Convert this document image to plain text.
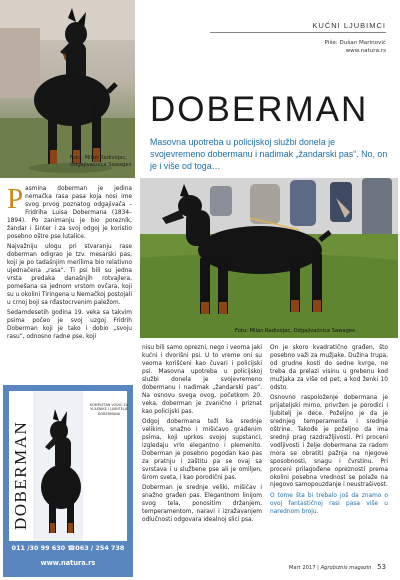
Foto: Milan Radivojac,
Odgajivačnica Sawages
KUĆNI LJUBIMCI
Piše: Dušan Marinović
www.natura.rs
DOBERMAN
Masovna upotreba u policijskoj službi donela je svojevremeno dobermanu i nadimak „žandarski pas“. No, on je i više od toga…
Foto: Milan Radivojac, Odgajivačnica Sawages

Pasmina doberman je jedina nemačka rasa pasa koja nosi ime svog prvog poznatog odgajivača – Fridriha Luisa Dobermana (1834–1894). Po zanimanju je bio porezník, žandar i šinter i za svoj odgoj je koristio posebno oštre pse lutalice.

Najvažniju ulogu pri stvaranju rase doberman odigrao je tzv. mesarski pas, koji je po tadašnjim merilima bio relativno ujednačena „rasa“. Ti psi bili su jedna vrsta predaka današnjih rotvajlera, pomešana sa jednom vrstom ovčara, koji su u okolini Tiringena u Nemačkoj postojali u crnoj boji sa rđastocrvenim paležom.

Sedamdesetih godina 19. veka sa takvim psima počeo je svoj uzgoj Fridrih Doberman koji je tako i dobio „svoju rasu“, odnosno radne pse, koji

nisu bili samo oprezni, nego i veoma jaki kućni i dvorišni psi. U to vreme oni su veoma korišćeni kao čuvari i policijski psi. Masovna upotreba u policijskoj službi donela je svojevremeno dobermanu i nadimak „žandarski pas“. Na osnovu svega ovog, početkom 20. veka, doberman je zvanično i priznat kao policijski pas.

Odgoj dobermana teži ka srednje velikim, snažno i mišićavo građenim psima, koji uprkos svojoj supstanci, izgledaju vrlo elegantno i plemenito. Doberman je posebno pogodan kao pas za pratnju i zaštitu pa se ovaj sa svrstava i u službene pse ali je omiljen, širom sveta, i kao porodični pas.

Doberman je srednje veliki, mišićav i snažno građen pas. Elegantnom linijom svog tela, ponositim držanjem, temperamentom, naravi i izražavanjem odlučnosti odgovara idealnoj slici psa.

On je skoro kvadratično građen, što posebno važi za mužjake. Dužina trupa, od grudne kosti do sedne kvrge, ne treba da prelazi visinu u grebenu kod mužjaka za više od pet, a kod ženki 10 odsto.

Osnovno raspoloženje dobermana je prijateljski mirno, privržen je porodici i ljubitelj je dece. Poželjno je da je srednjeg temperamenta i srednje oštrine. Takođe je poželjno da ima srednji prag razdražljivosti. Pri proceni vodljivosti i želje dobermana za radom mora se obratiti pažnja na njegove sposobnosti, snagu i čvrstinu. Pri proceni prilagođene oprezností prema okolini posebna vrednost se polaže na njegovo samopouzdanje i neustrašivost.

O tome šta bi trebalo još da znamo o ovoj fantastičnoj rasi pasa više u narednom broju.

KOMPLETAN VODIČ ZA VLASNIKE I LJUBITELJE DOBERMANA
DOBERMAN
011 /30 99 630 ☎063 / 254 738
www.natura.rs
Mart 2017 | Agrobiznis magazin 53
